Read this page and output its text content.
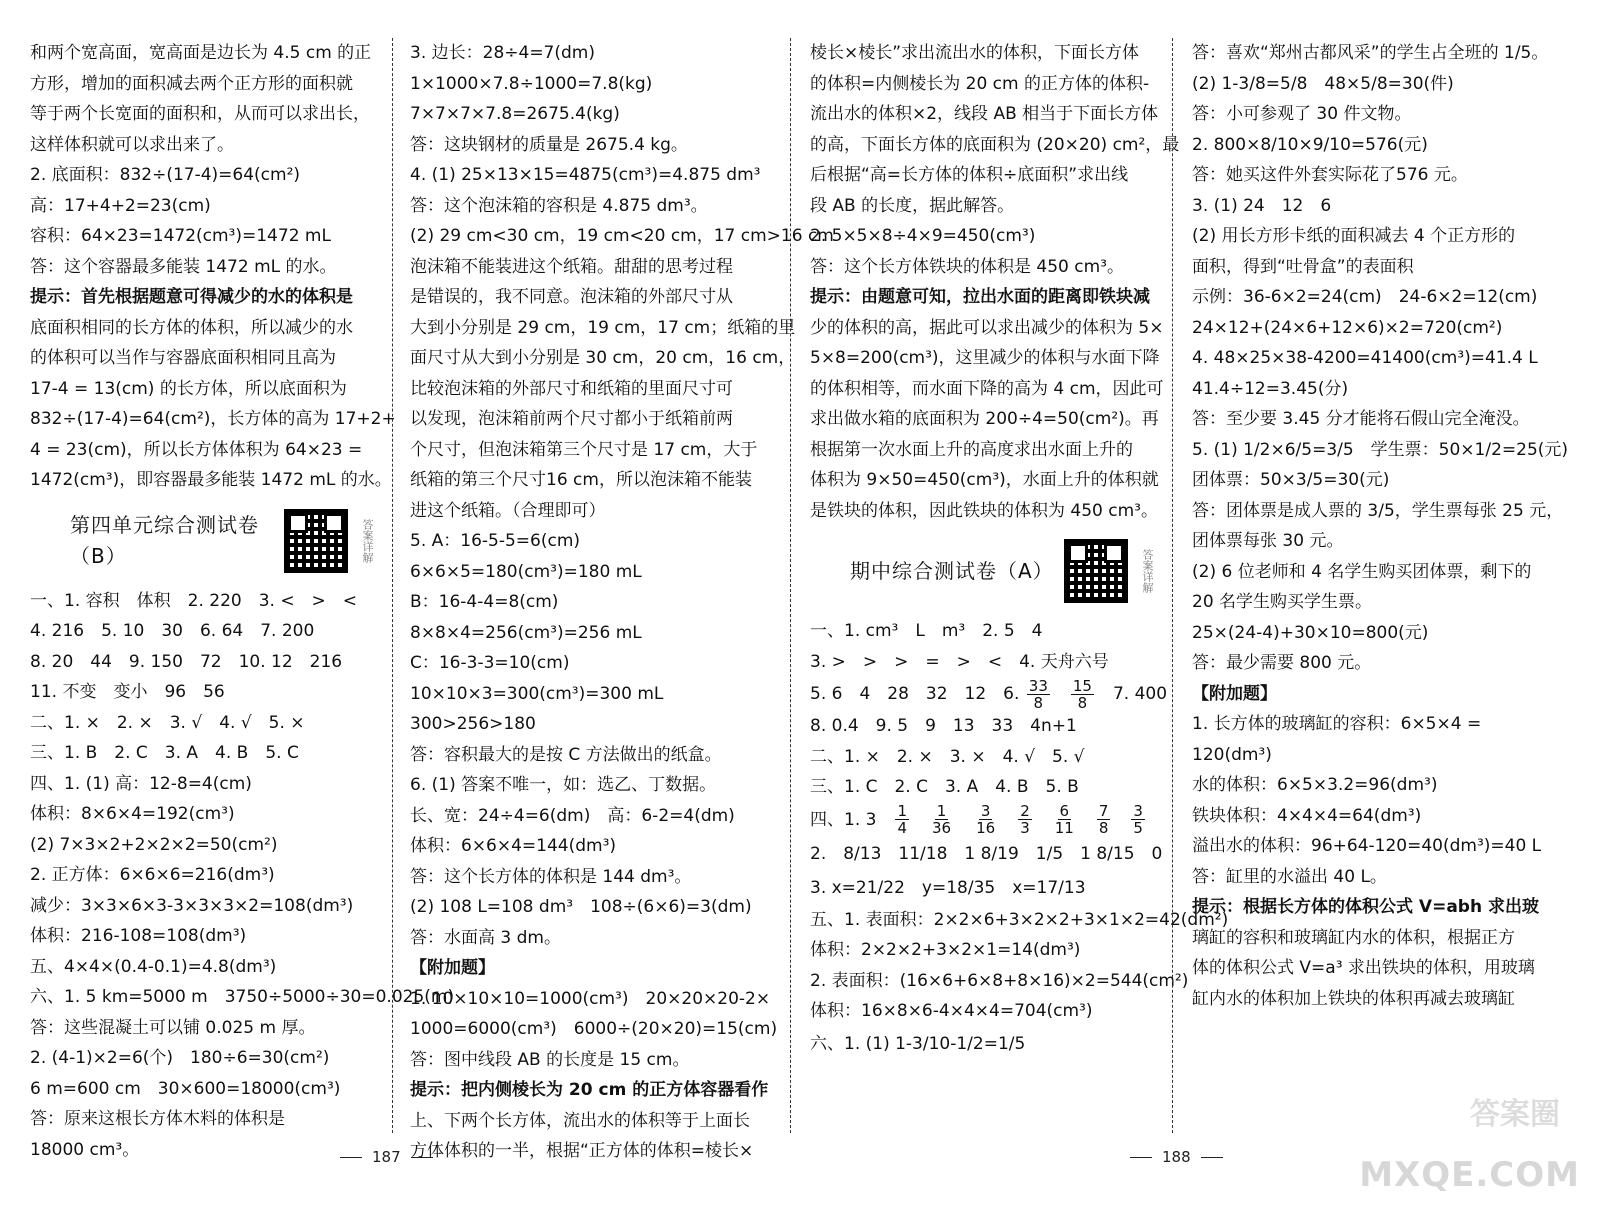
和两个宽高面，宽高面是边长为 4.5 cm 的正
方形，增加的面积减去两个正方形的面积就
等于两个长宽面的面积和，从而可以求出长，
这样体积就可以求出来了。
2. 底面积：832÷(17-4)=64(cm²)
高：17+4+2=23(cm)
容积：64×23=1472(cm³)=1472 mL
答：这个容器最多能装 1472 mL 的水。
提示：首先根据题意可得减少的水的体积是
底面积相同的长方体的体积，所以减少的水
的体积可以当作与容器底面积相同且高为
17-4 = 13(cm) 的长方体，所以底面积为
832÷(17-4)=64(cm²)，长方体的高为 17+2+
4 = 23(cm)，所以长方体体积为 64×23 =
1472(cm³)，即容器最多能装 1472 mL 的水。
第四单元综合测试卷（B）	答案详解
一、1. 容积　体积　2. 220　3. <　>　<
4. 216　5. 10　30　6. 64　7. 200
8. 20　44　9. 150　72　10. 12　216
11. 不变　变小　96　56
二、1. ×　2. ×　3. √　4. √　5. ×
三、1. B　2. C　3. A　4. B　5. C
四、1. (1) 高：12-8=4(cm)
体积：8×6×4=192(cm³)
(2) 7×3×2+2×2×2=50(cm²)
2. 正方体：6×6×6=216(dm³)
减少：3×3×6×3-3×3×3×2=108(dm³)
体积：216-108=108(dm³)
五、4×4×(0.4-0.1)=4.8(dm³)
六、1. 5 km=5000 m　3750÷5000÷30=0.025(m)
答：这些混凝土可以铺 0.025 m 厚。
2. (4-1)×2=6(个)　180÷6=30(cm²)
6 m=600 cm　30×600=18000(cm³)
答：原来这根长方体木料的体积是
18000 cm³。
3. 边长：28÷4=7(dm)
1×1000×7.8÷1000=7.8(kg)
7×7×7×7.8=2675.4(kg)
答：这块钢材的质量是 2675.4 kg。
4. (1) 25×13×15=4875(cm³)=4.875 dm³
答：这个泡沫箱的容积是 4.875 dm³。
(2) 29 cm<30 cm，19 cm<20 cm，17 cm>16 cm
泡沫箱不能装进这个纸箱。甜甜的思考过程
是错误的，我不同意。泡沫箱的外部尺寸从
大到小分别是 29 cm，19 cm，17 cm；纸箱的里
面尺寸从大到小分别是 30 cm，20 cm，16 cm，
比较泡沫箱的外部尺寸和纸箱的里面尺寸可
以发现，泡沫箱前两个尺寸都小于纸箱前两
个尺寸，但泡沫箱第三个尺寸是 17 cm，大于
纸箱的第三个尺寸16 cm，所以泡沫箱不能装
进这个纸箱。（合理即可）
5. A：16-5-5=6(cm)
6×6×5=180(cm³)=180 mL
B：16-4-4=8(cm)
8×8×4=256(cm³)=256 mL
C：16-3-3=10(cm)
10×10×3=300(cm³)=300 mL
300>256>180
答：容积最大的是按 C 方法做出的纸盒。
6. (1) 答案不唯一，如：选乙、丁数据。
长、宽：24÷4=6(dm)　高：6-2=4(dm)
体积：6×6×4=144(dm³)
答：这个长方体的体积是 144 dm³。
(2) 108 L=108 dm³　108÷(6×6)=3(dm)
答：水面高 3 dm。
【附加题】
1. 10×10×10=1000(cm³)　20×20×20-2×
1000=6000(cm³)　6000÷(20×20)=15(cm)
答：图中线段 AB 的长度是 15 cm。
提示：把内侧棱长为 20 cm 的正方体容器看作
上、下两个长方体，流出水的体积等于上面长
方体体积的一半，根据“正方体的体积=棱长×
187
棱长×棱长”求出流出水的体积，下面长方体
的体积=内侧棱长为 20 cm 的正方体的体积-
流出水的体积×2，线段 AB 相当于下面长方体
的高，下面长方体的底面积为 (20×20) cm²，最
后根据“高=长方体的体积÷底面积”求出线
段 AB 的长度，据此解答。
2. 5×5×8÷4×9=450(cm³)
答：这个长方体铁块的体积是 450 cm³。
提示：由题意可知，拉出水面的距离即铁块减
少的体积的高，据此可以求出减少的体积为 5×
5×8=200(cm³)，这里减少的体积与水面下降
的体积相等，而水面下降的高为 4 cm，因此可
求出做水箱的底面积为 200÷4=50(cm²)。再
根据第一次水面上升的高度求出水面上升的
体积为 9×50=450(cm³)，水面上升的体积就
是铁块的体积，因此铁块的体积为 450 cm³。
期中综合测试卷（A）	答案详解
一、1. cm³　L　m³　2. 5　4
3. >　>　>　=　>　<　4. 天舟六号
5. 6　4　28　32　12　6. $\frac{33}{8}$
　 $\frac{15}{8}$ 　7. 400
8. 0.4　9. 5　9　13　33　4n+1
二、1. ×　2. ×　3. ×　4. √　5. √
三、1. C　2. C　3. A　4. B　5. B
四、1. 3　 $\frac{1}{4}$
　 $\frac{1}{36}$
　 $\frac{3}{16}$
　 $\frac{2}{3}$
　 $\frac{6}{11}$
　 $\frac{7}{8}$
　 $\frac{3}{5}$

2.　8/13　11/18　1 8/19　1/5　1 8/15　0
3. x=21/22　y=18/35　x=17/13
五、1. 表面积：2×2×6+3×2×2+3×1×2=42(dm²)
体积：2×2×2+3×2×1=14(dm³)
2. 表面积：(16×6+6×8+8×16)×2=544(cm²)
体积：16×8×6-4×4×4=704(cm³)
六、1. (1) 1-3/10-1/2=1/5
答：喜欢“郑州古都风采”的学生占全班的 1/5。
(2) 1-3/8=5/8　48×5/8=30(件)
答：小可参观了 30 件文物。
2. 800×8/10×9/10=576(元)
答：她买这件外套实际花了576 元。
3. (1) 24　12　6
(2) 用长方形卡纸的面积减去 4 个正方形的
面积，得到“吐骨盒”的表面积
示例：36-6×2=24(cm)　24-6×2=12(cm)
24×12+(24×6+12×6)×2=720(cm²)
4. 48×25×38-4200=41400(cm³)=41.4 L
41.4÷12=3.45(分)
答：至少要 3.45 分才能将石假山完全淹没。
5. (1) 1/2×6/5=3/5　学生票：50×1/2=25(元)
团体票：50×3/5=30(元)
答：团体票是成人票的 3/5，学生票每张 25 元，
团体票每张 30 元。
(2) 6 位老师和 4 名学生购买团体票，剩下的
20 名学生购买学生票。
25×(24-4)+30×10=800(元)
答：最少需要 800 元。
【附加题】
1. 长方体的玻璃缸的容积：6×5×4 =
120(dm³)
水的体积：6×5×3.2=96(dm³)
铁块体积：4×4×4=64(dm³)
溢出水的体积：96+64-120=40(dm³)=40 L
答：缸里的水溢出 40 L。
提示：根据长方体的体积公式 V=abh 求出玻
璃缸的容积和玻璃缸内水的体积，根据正方
体的体积公式 V=a³ 求出铁块的体积，用玻璃
缸内水的体积加上铁块的体积再减去玻璃缸
188
答案圈
MXQE.COM
